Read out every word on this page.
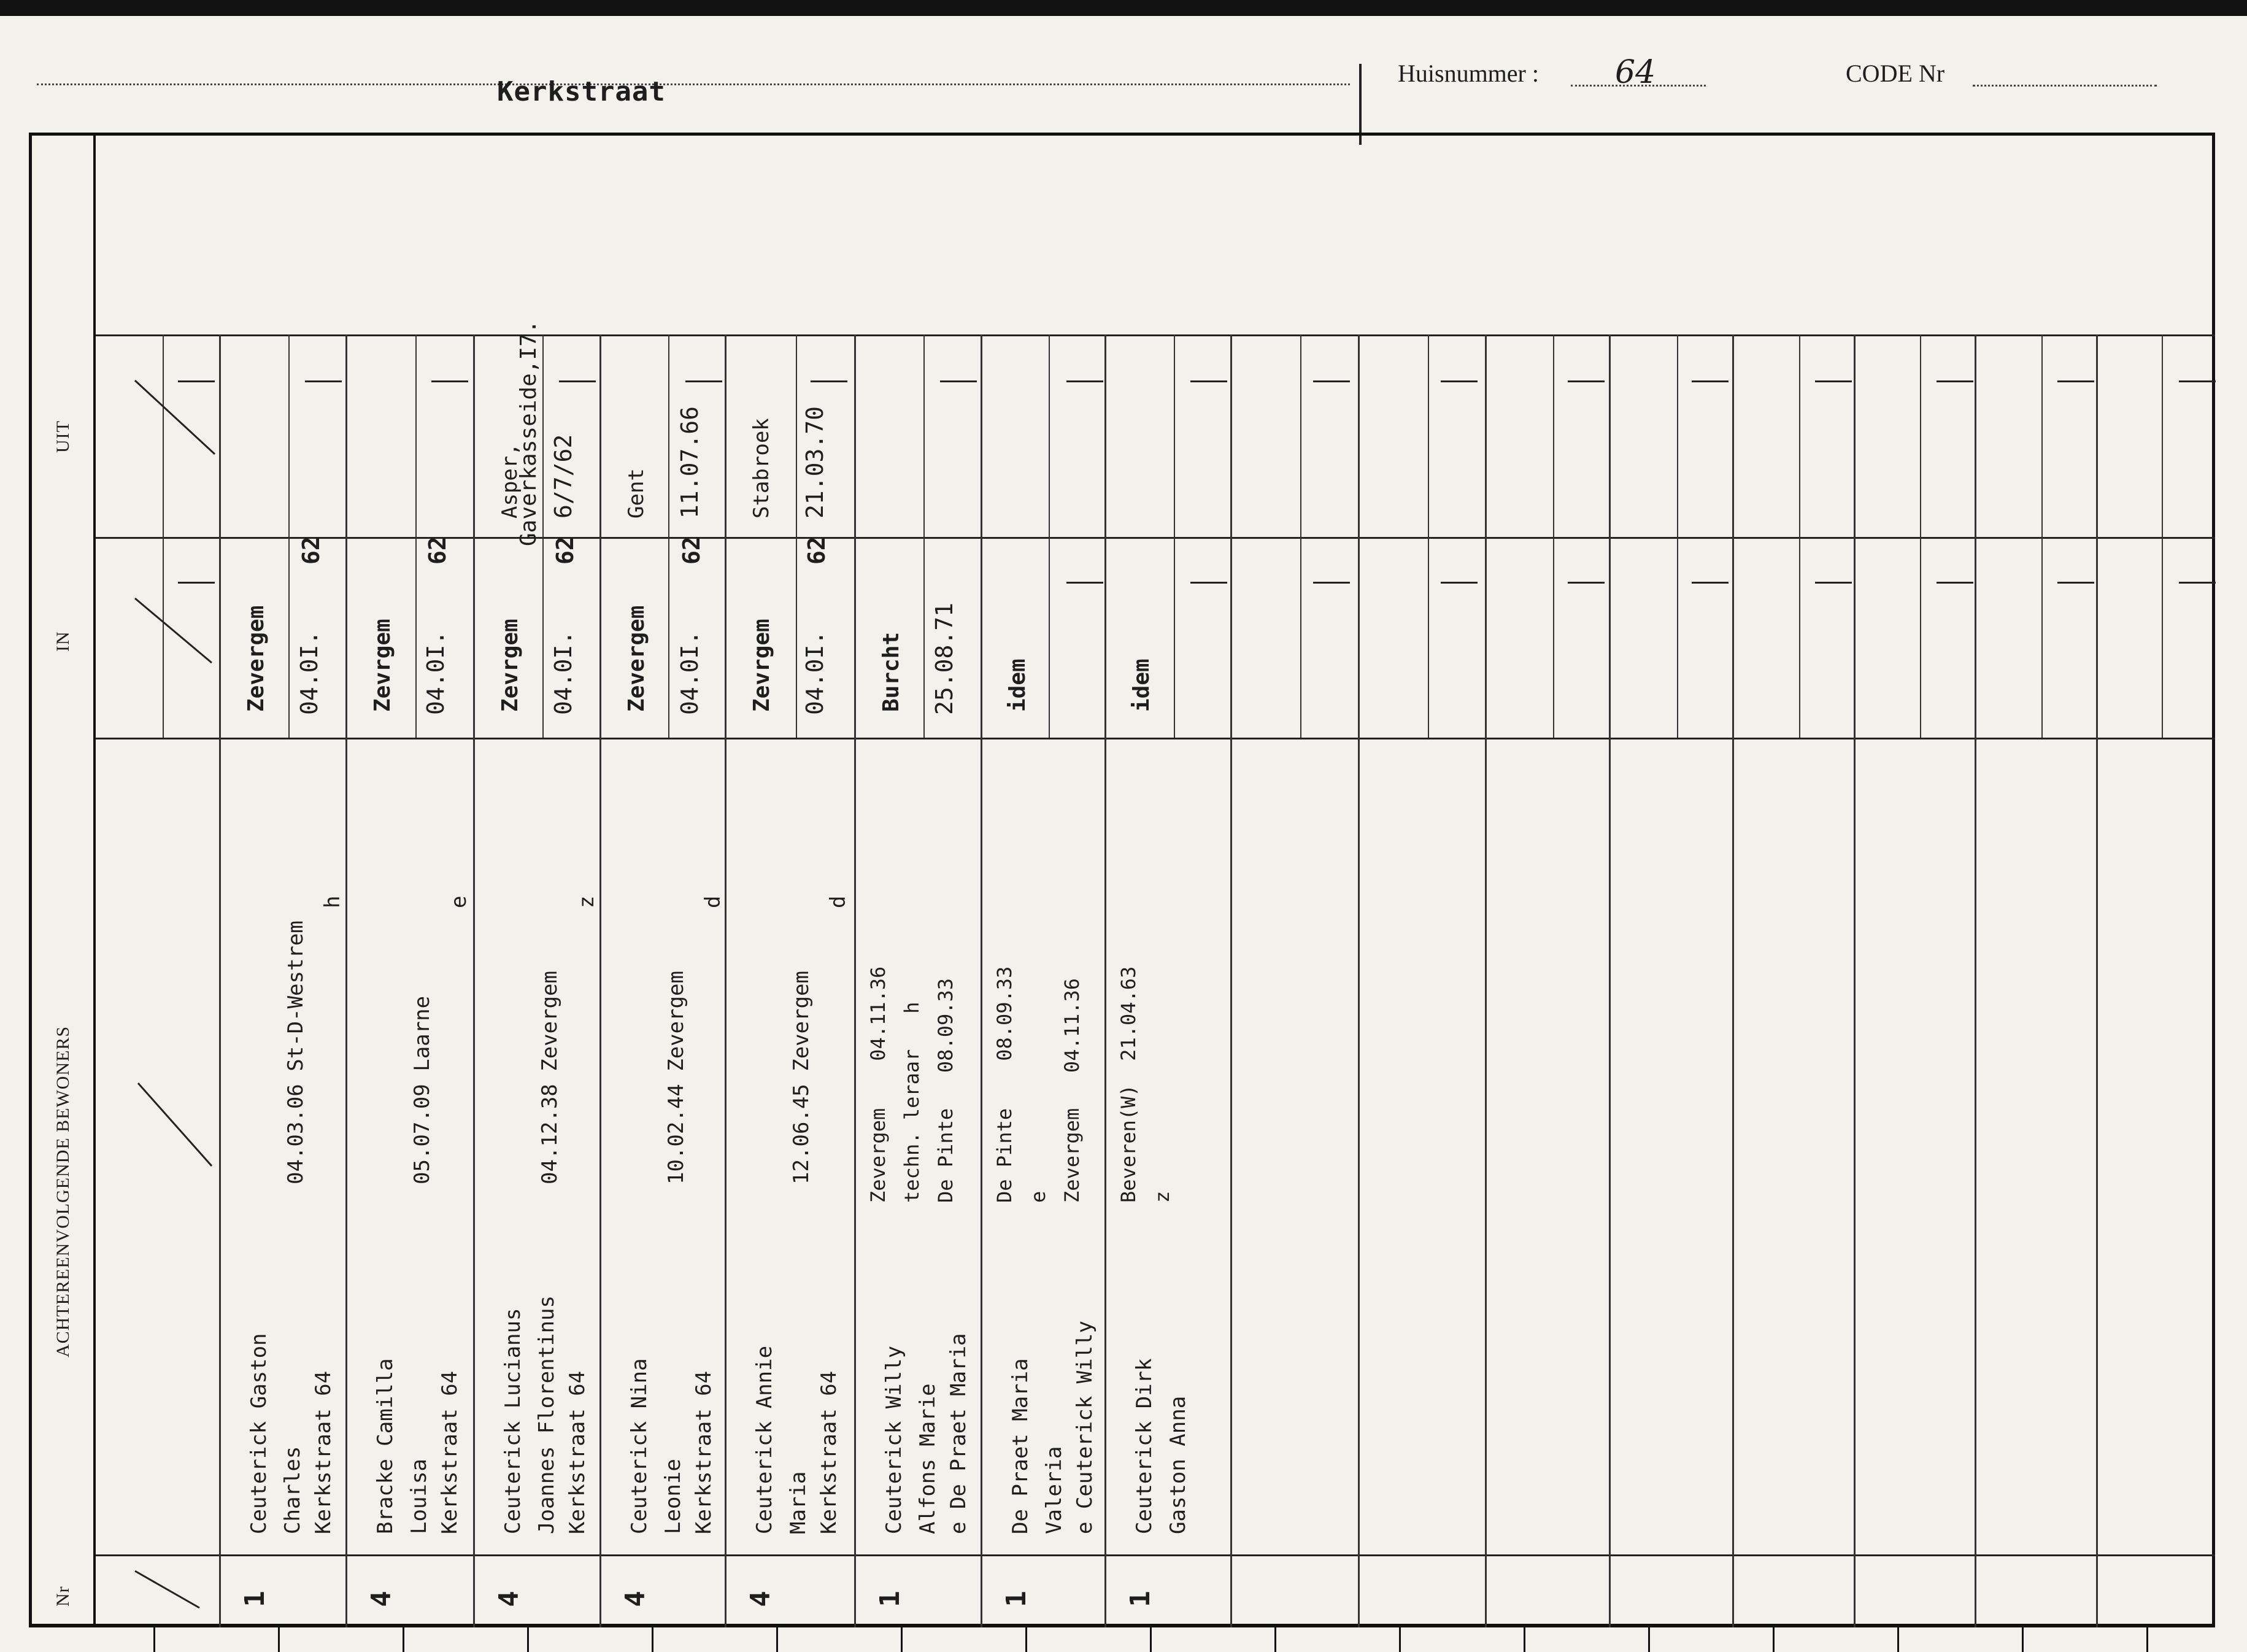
Kerkstraat
Huisnummer : 64	CODE Nr
UIT
IN
ACHTEREENVOLGENDE BEWONERS
Nr	1
Ceuterick Gaston Charles Kerkstraat 64
04.03.06 St-D-Westrem
h
Zevergem 04.0I.
62
4
Bracke Camilla Louisa Kerkstraat 64
05.07.09 Laarne
e
Zevrgem 04.0I.
62
4
Ceuterick Lucianus Joannes Florentinus Kerkstraat 64
04.12.38 Zevergem
z
Zevrgem 04.0I.
62
Asper,
Gaverkasseide,I7. 6/7/62
4
Ceuterick Nina Leonie Kerkstraat 64
10.02.44 Zevergem
d
Zevergem 04.0I.
62
Gent 11.07.66
4
Ceuterick Annie Maria Kerkstraat 64
12.06.45 Zevergem
d
Zevrgem 04.0I.
62
Stabroek 21.03.70
1
Ceuterick Willy Alfons Marie e De Praet Maria
Zevergem    04.11.36 techn. leraar   h De Pinte   08.09.33
Burcht 25.08.71
1
De Praet Maria Valeria e Ceuterick Willy
De Pinte    08.09.33 e Zevergem   04.11.36
idem
1
Ceuterick Dirk Gaston Anna
Beveren(W)  21.04.63 z
idem
